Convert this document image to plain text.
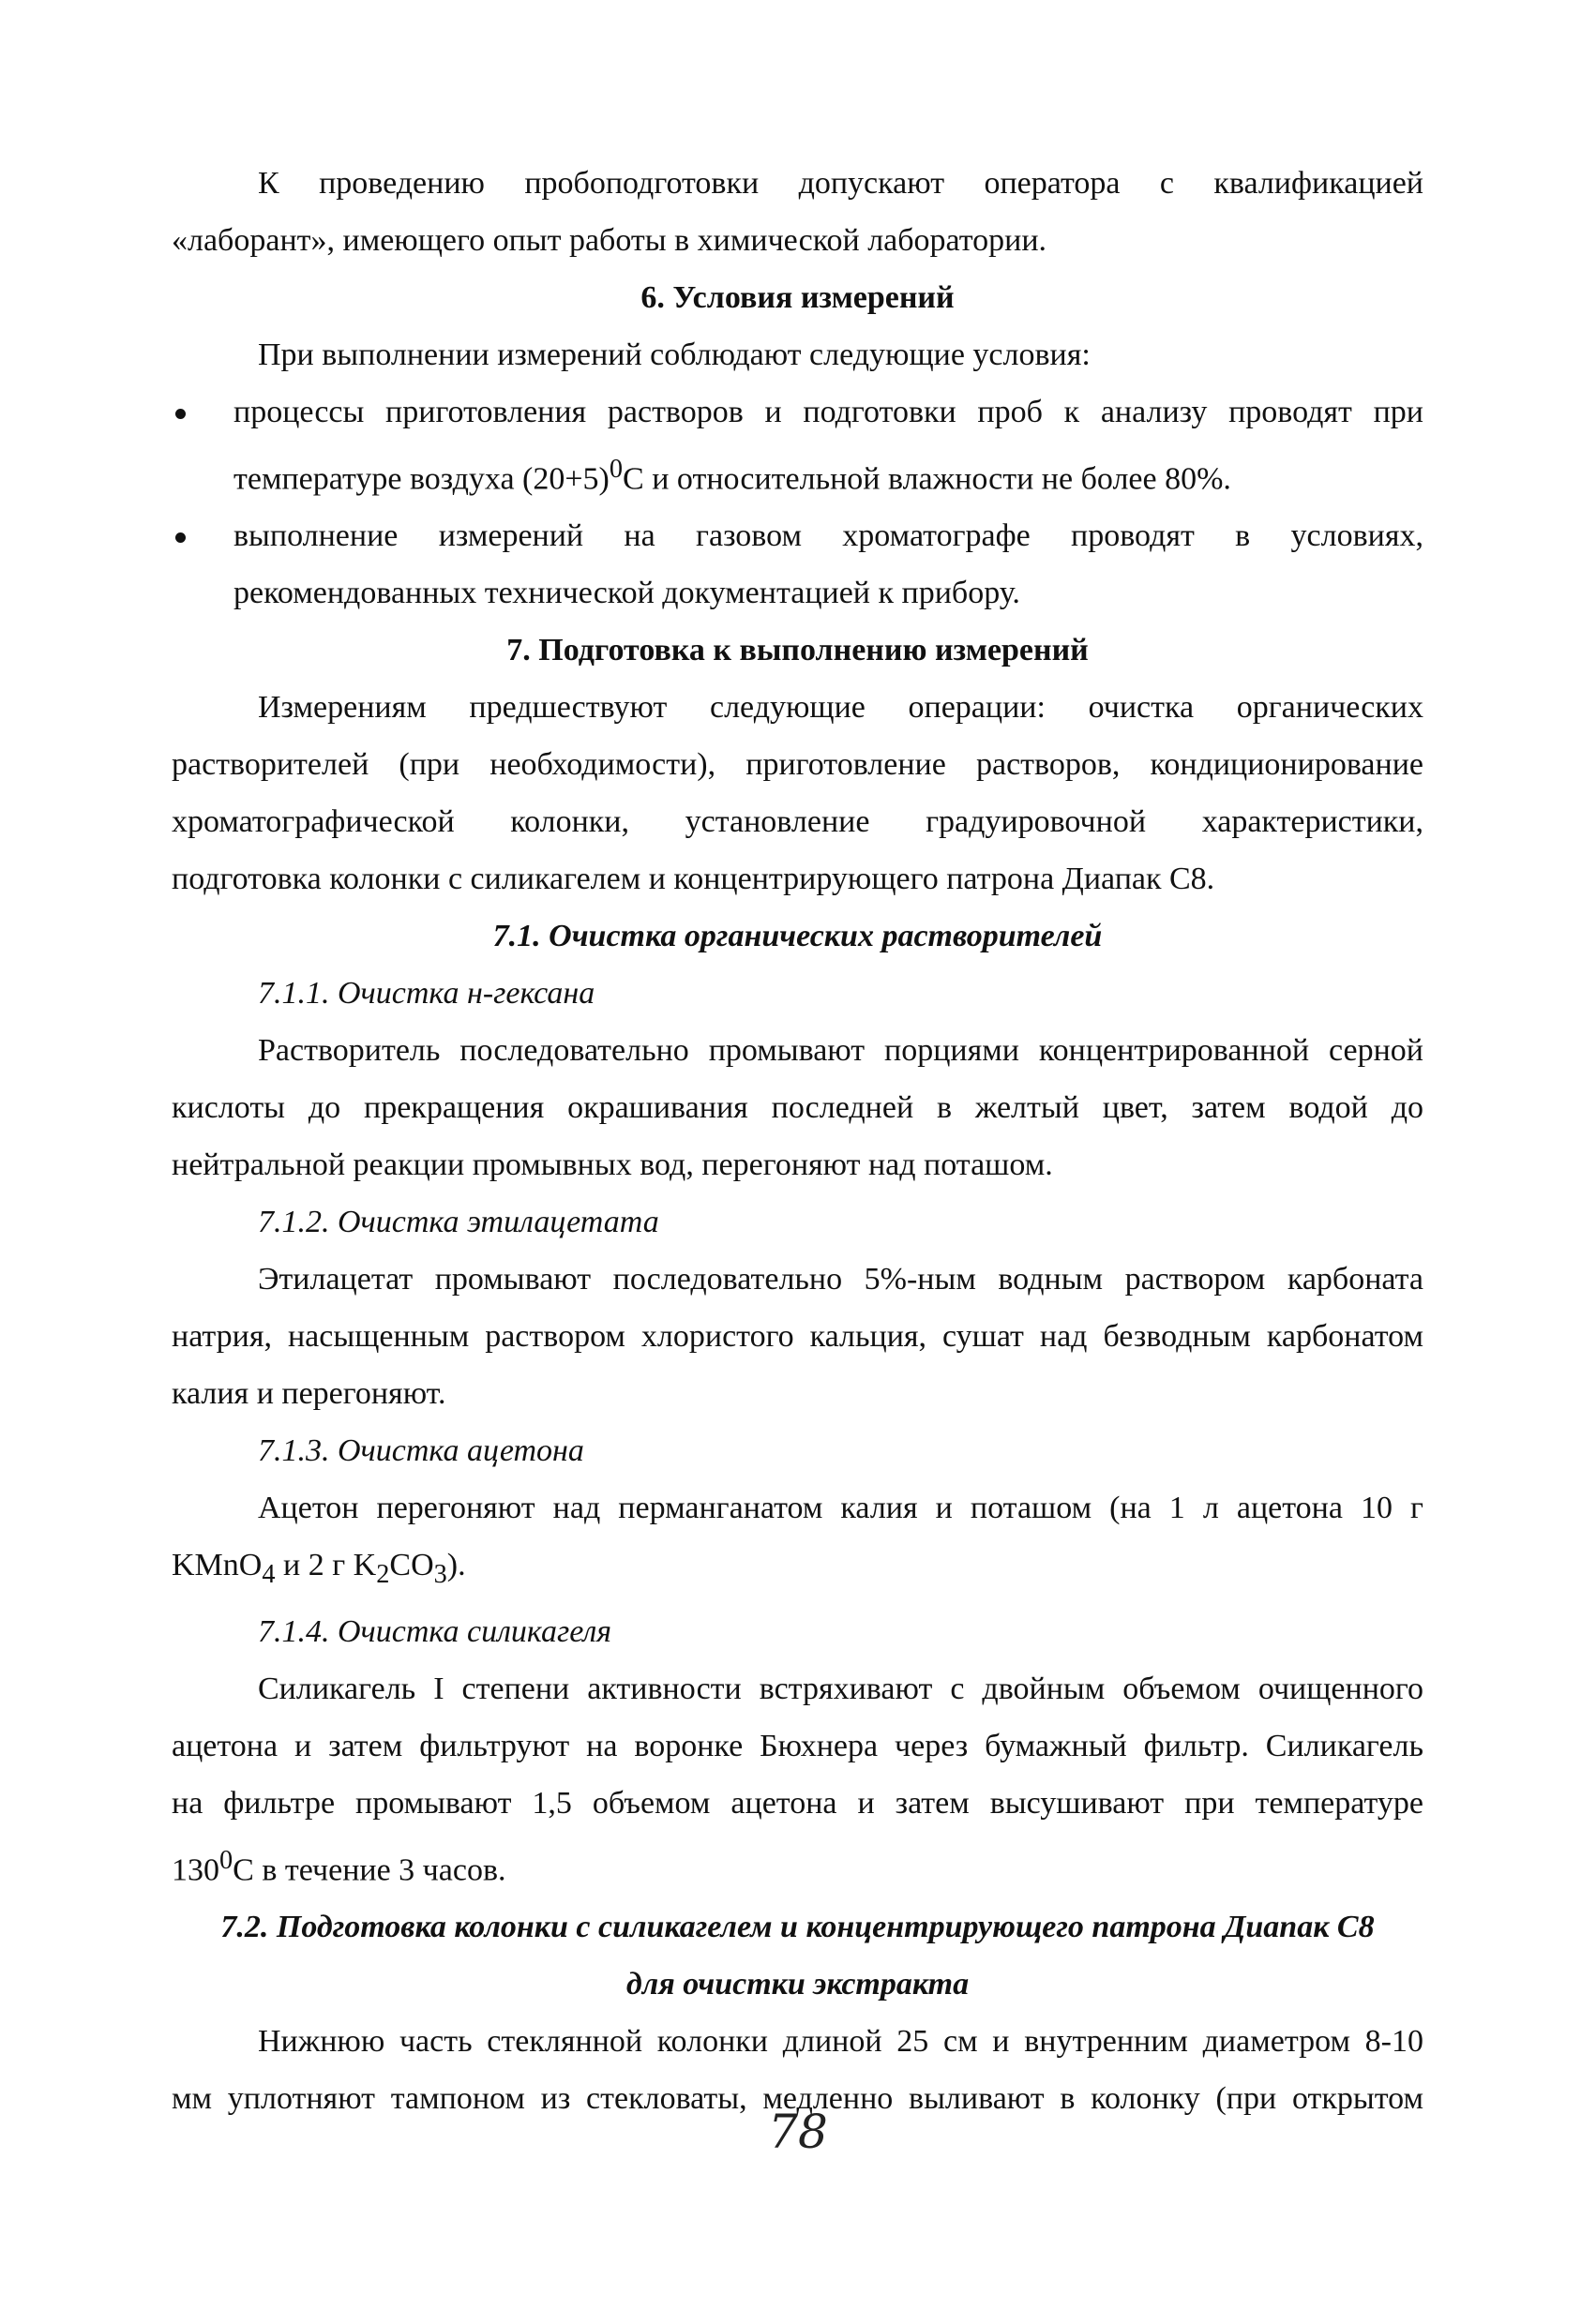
К проведению пробоподготовки допускают оператора с квалификацией

«лаборант», имеющего опыт работы в химической лаборатории.

6. Условия измерений

При выполнении измерений соблюдают следующие условия:

процессы приготовления растворов и подготовки проб к анализу проводят при

температуре воздуха $(20+5)^0С$ и относительной влажности не более 80%.

выполнение измерений на газовом хроматографе проводят в условиях,

рекомендованных технической документацией к прибору.

7. Подготовка к выполнению измерений

Измерениям предшествуют следующие операции: очистка органических

растворителей (при необходимости), приготовление растворов, кондиционирование

хроматографической колонки, установление градуировочной характеристики,

подготовка колонки с силикагелем и концентрирующего патрона Диапак С8.

7.1. Очистка органических растворителей

7.1.1. Очистка н-гексана

Растворитель последовательно промывают порциями концентрированной серной

кислоты до прекращения окрашивания последней в желтый цвет, затем водой до

нейтральной реакции промывных вод, перегоняют над поташом.

7.1.2. Очистка этилацетата

Этилацетат промывают последовательно 5%-ным водным раствором карбоната

натрия, насыщенным раствором хлористого кальция, сушат над безводным карбонатом

калия и перегоняют.

7.1.3. Очистка ацетона

Ацетон перегоняют над перманганатом калия и поташом (на 1 л ацетона 10 г

KMnO$_4$ и 2 г $K_2CO_3$).

7.1.4. Очистка силикагеля

Силикагель I степени активности встряхивают с двойным объемом очищенного

ацетона и затем фильтруют на воронке Бюхнера через бумажный фильтр. Силикагель

на фильтре промывают 1,5 объемом ацетона и затем высушивают при температуре

$130^0С$ в течение 3 часов.

7.2. Подготовка колонки с силикагелем и концентрирующего патрона Диапак С8

для очистки экстракта

Нижнюю часть стеклянной колонки длиной 25 см и внутренним диаметром 8-10

мм уплотняют тампоном из стекловаты, медленно выливают в колонку (при открытом

78
